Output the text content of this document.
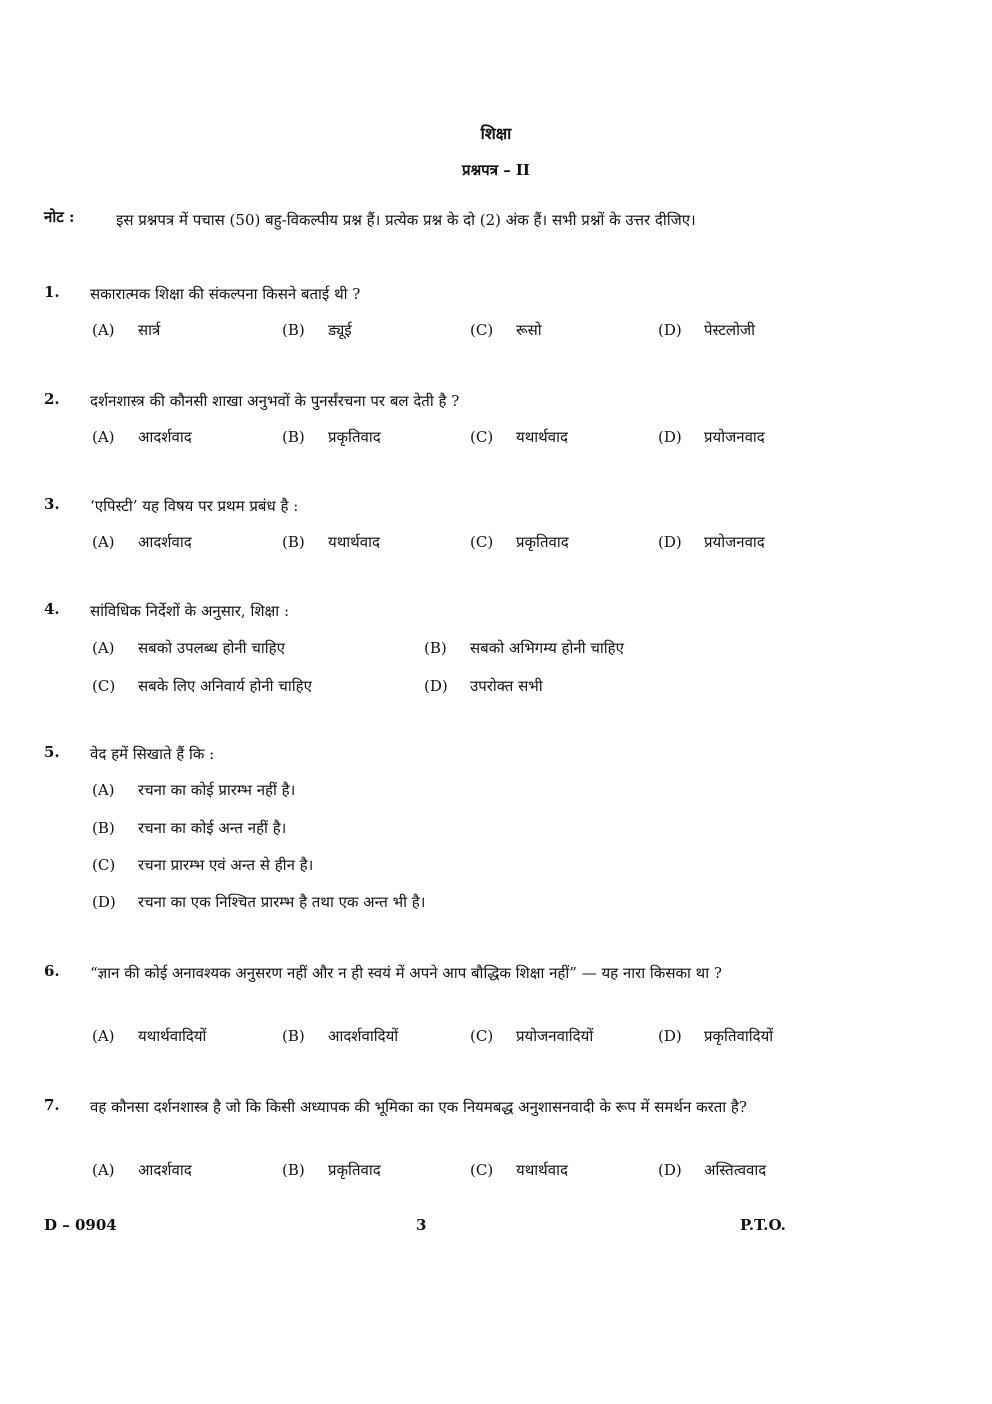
शिक्षा
प्रश्नपत्र – II
नोट :	इस प्रश्नपत्र में पचास (50) बहु-विकल्पीय प्रश्न हैं। प्रत्येक प्रश्न के दो (2) अंक हैं। सभी प्रश्नों के उत्तर दीजिए।
1. सकारात्मक शिक्षा की संकल्पना किसने बताई थी ?
(A) सार्त्र	(B) ड्यूई	(C) रूसो	(D) पेस्टलोजी
2. दर्शनशास्त्र की कौनसी शाखा अनुभवों के पुनर्संरचना पर बल देती है ?
(A) आदर्शवाद	(B) प्रकृतिवाद	(C) यथार्थवाद	(D) प्रयोजनवाद
3. ‘एपिस्टी’ यह विषय पर प्रथम प्रबंध है :
(A) आदर्शवाद	(B) यथार्थवाद	(C) प्रकृतिवाद	(D) प्रयोजनवाद
4. सांविधिक निर्देशों के अनुसार, शिक्षा :
(A) सबको उपलब्ध होनी चाहिए	(B) सबको अभिगम्य होनी चाहिए
(C) सबके लिए अनिवार्य होनी चाहिए	(D) उपरोक्त सभी
5. वेद हमें सिखाते हैं कि :
(A) रचना का कोई प्रारम्भ नहीं है।
(B) रचना का कोई अन्त नहीं है।
(C) रचना प्रारम्भ एवं अन्त से हीन है।
(D) रचना का एक निश्चित प्रारम्भ है तथा एक अन्त भी है।
6. “ज्ञान की कोई अनावश्यक अनुसरण नहीं और न ही स्वयं में अपने आप बौद्धिक शिक्षा नहीं” — यह नारा किसका था ?
(A) यथार्थवादियों	(B) आदर्शवादियों	(C) प्रयोजनवादियों	(D) प्रकृतिवादियों
7. वह कौनसा दर्शनशास्त्र है जो कि किसी अध्यापक की भूमिका का एक नियमबद्ध अनुशासनवादी के रूप में समर्थन करता है?
(A) आदर्शवाद	(B) प्रकृतिवाद	(C) यथार्थवाद	(D) अस्तित्ववाद
D – 0904	3	P.T.O.
